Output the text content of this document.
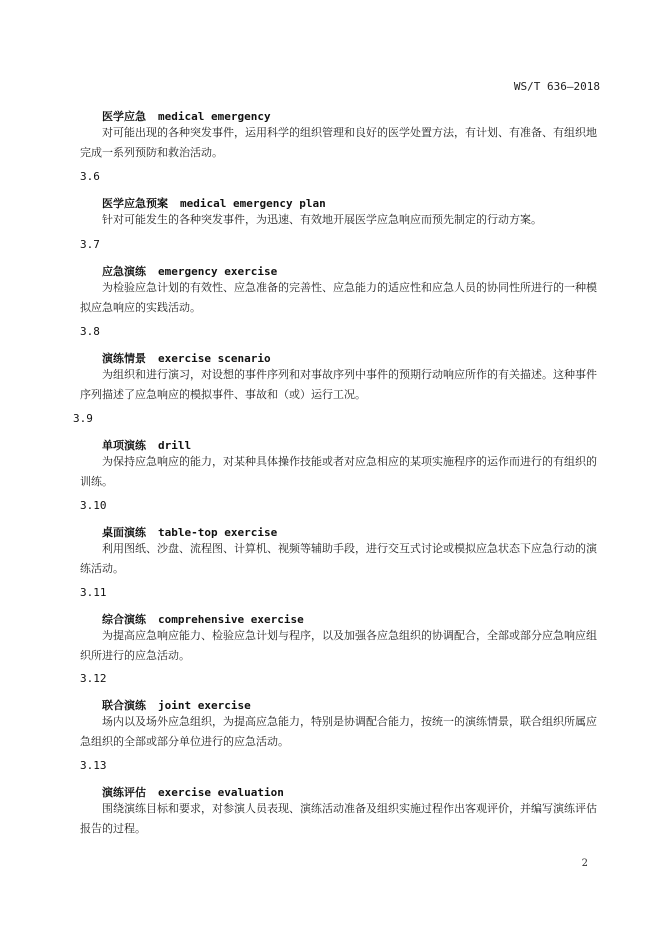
WS/T 636—2018
医学应急 medical emergency
对可能出现的各种突发事件，运用科学的组织管理和良好的医学处置方法，有计划、有准备、有组织地完成一系列预防和救治活动。
3.6
医学应急预案 medical emergency plan
针对可能发生的各种突发事件，为迅速、有效地开展医学应急响应而预先制定的行动方案。
3.7
应急演练 emergency exercise
为检验应急计划的有效性、应急准备的完善性、应急能力的适应性和应急人员的协同性所进行的一种模拟应急响应的实践活动。
3.8
演练情景 exercise scenario
为组织和进行演习，对设想的事件序列和对事故序列中事件的预期行动响应所作的有关描述。这种事件序列描述了应急响应的模拟事件、事故和（或）运行工况。
3.9
单项演练 drill
为保持应急响应的能力，对某种具体操作技能或者对应急相应的某项实施程序的运作而进行的有组织的训练。
3.10
桌面演练 table-top exercise
利用图纸、沙盘、流程图、计算机、视频等辅助手段，进行交互式讨论或模拟应急状态下应急行动的演练活动。
3.11
综合演练 comprehensive exercise
为提高应急响应能力、检验应急计划与程序，以及加强各应急组织的协调配合，全部或部分应急响应组织所进行的应急活动。
3.12
联合演练 joint exercise
场内以及场外应急组织，为提高应急能力，特别是协调配合能力，按统一的演练情景，联合组织所属应急组织的全部或部分单位进行的应急活动。
3.13
演练评估 exercise evaluation
围绕演练目标和要求，对参演人员表现、演练活动准备及组织实施过程作出客观评价，并编写演练评估报告的过程。
2
